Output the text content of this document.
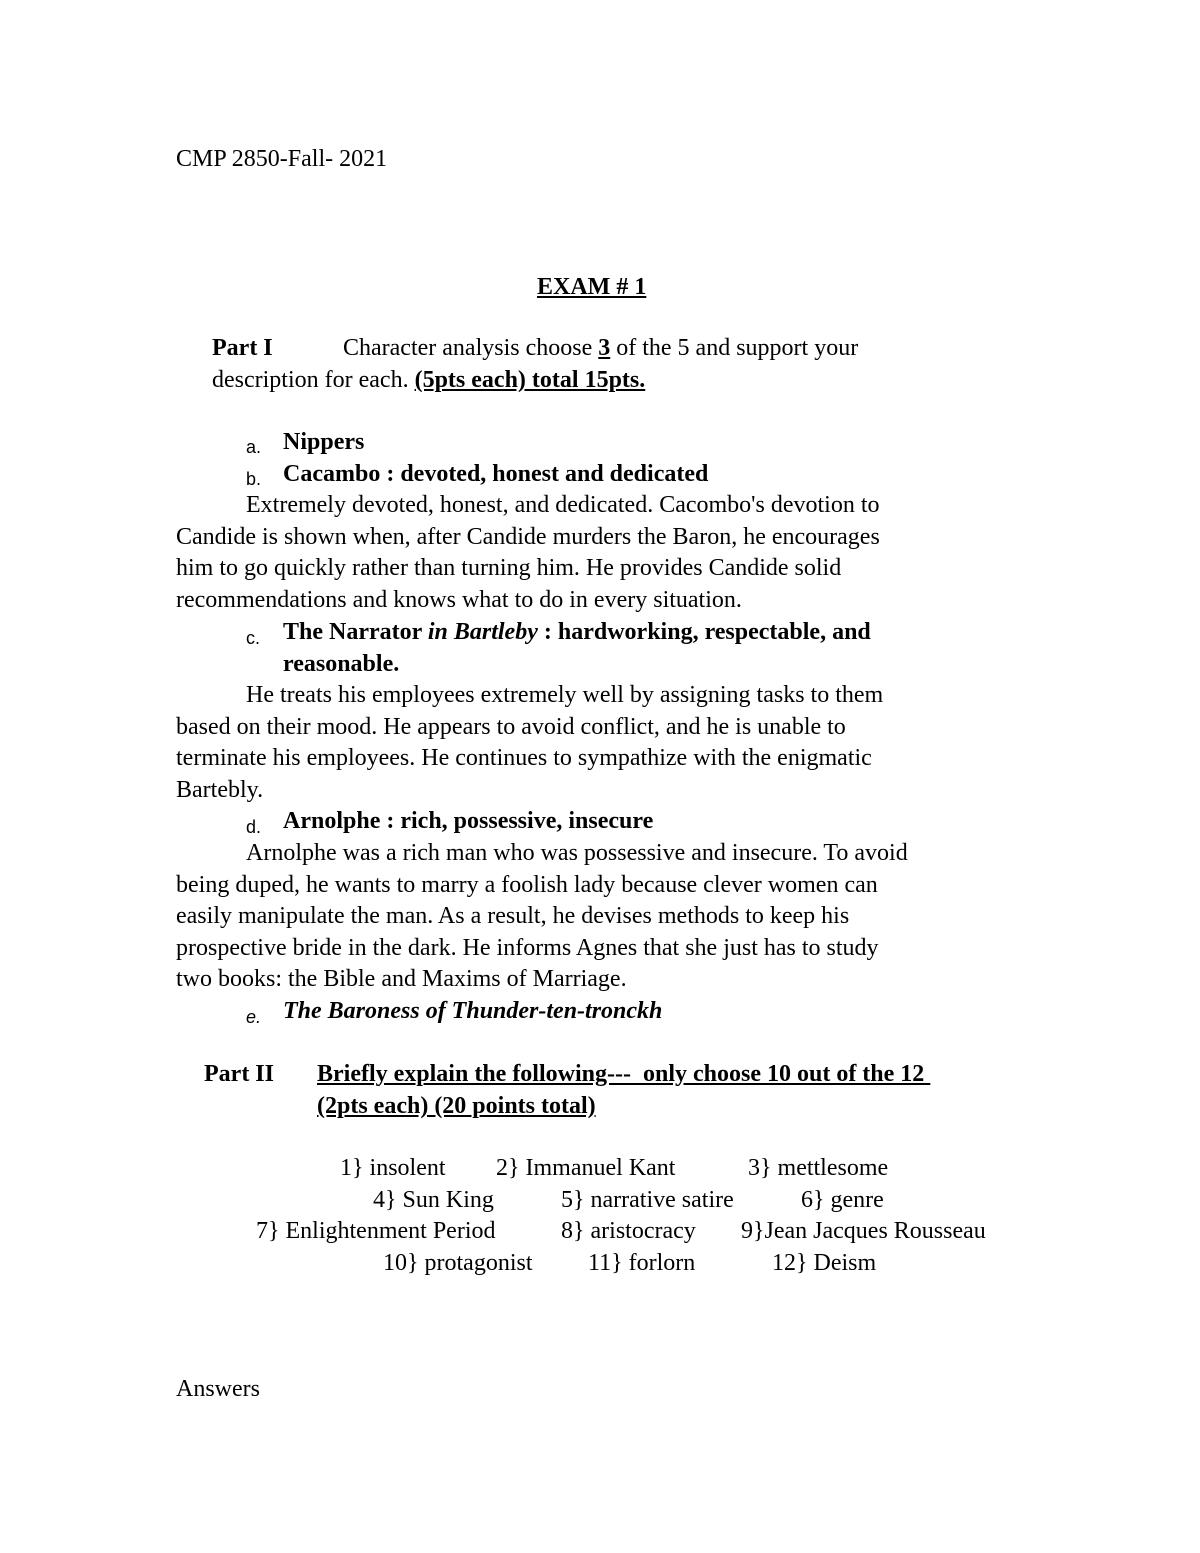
CMP 2850-Fall- 2021
EXAM # 1
Part I	Character analysis choose 3 of the 5 and support your
description for each. (5pts each) total 15pts.
a. Nippers
b. Cacambo : devoted, honest and dedicated
Extremely devoted, honest, and dedicated. Cacombo's devotion to
Candide is shown when, after Candide murders the Baron, he encourages
him to go quickly rather than turning him. He provides Candide solid
recommendations and knows what to do in every situation.
c. The Narrator in Bartleby : hardworking, respectable, and
reasonable.
He treats his employees extremely well by assigning tasks to them
based on their mood. He appears to avoid conflict, and he is unable to
terminate his employees. He continues to sympathize with the enigmatic
Bartebly.
d. Arnolphe : rich, possessive, insecure
Arnolphe was a rich man who was possessive and insecure. To avoid
being duped, he wants to marry a foolish lady because clever women can
easily manipulate the man. As a result, he devises methods to keep his
prospective bride in the dark. He informs Agnes that she just has to study
two books: the Bible and Maxims of Marriage.
e. The Baroness of Thunder-ten-tronckh
Part II Briefly explain the following---  only choose 10 out of the 12
(2pts each) (20 points total)
1} insolent 2} Immanuel Kant	3} mettlesome
4} Sun King	5} narrative satire	6} genre
7} Enlightenment Period	8} aristocracy 9}Jean Jacques Rousseau
10} protagonist 11} forlorn	12} Deism
Answers
